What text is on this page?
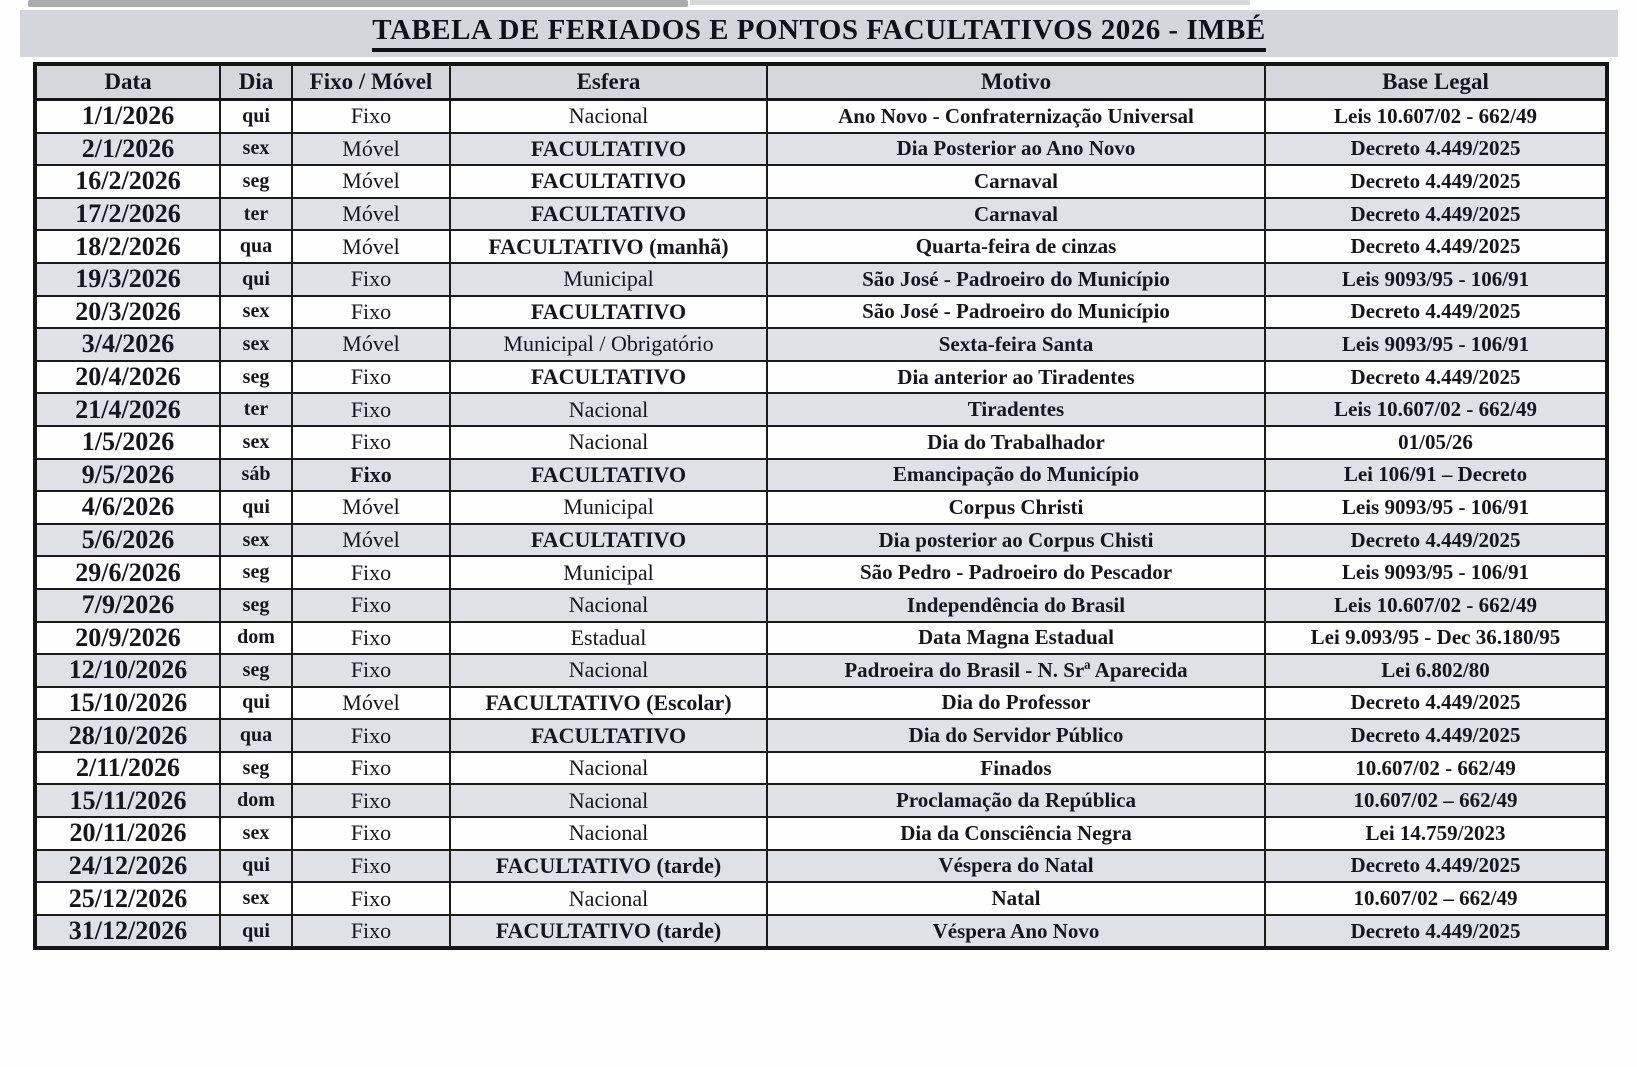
TABELA DE FERIADOS E PONTOS FACULTATIVOS 2026 - IMBÉ
Data	Dia	Fixo / Móvel	Esfera	Motivo	Base Legal
1/1/2026	qui	Fixo	Nacional	Ano Novo - Confraternização Universal	Leis 10.607/02 - 662/49
2/1/2026	sex	Móvel	FACULTATIVO	Dia Posterior ao Ano Novo	Decreto 4.449/2025
16/2/2026	seg	Móvel	FACULTATIVO	Carnaval	Decreto 4.449/2025
17/2/2026	ter	Móvel	FACULTATIVO	Carnaval	Decreto 4.449/2025
18/2/2026	qua	Móvel	FACULTATIVO (manhã)	Quarta-feira de cinzas	Decreto 4.449/2025
19/3/2026	qui	Fixo	Municipal	São José - Padroeiro do Município	Leis 9093/95 - 106/91
20/3/2026	sex	Fixo	FACULTATIVO	São José - Padroeiro do Município	Decreto 4.449/2025
3/4/2026	sex	Móvel	Municipal / Obrigatório	Sexta-feira Santa	Leis 9093/95 - 106/91
20/4/2026	seg	Fixo	FACULTATIVO	Dia anterior ao Tiradentes	Decreto 4.449/2025
21/4/2026	ter	Fixo	Nacional	Tiradentes	Leis 10.607/02 - 662/49
1/5/2026	sex	Fixo	Nacional	Dia do Trabalhador	01/05/26
9/5/2026	sáb	Fixo	FACULTATIVO	Emancipação do Município	Lei 106/91 – Decreto
4/6/2026	qui	Móvel	Municipal	Corpus Christi	Leis 9093/95 - 106/91
5/6/2026	sex	Móvel	FACULTATIVO	Dia posterior ao Corpus Chisti	Decreto 4.449/2025
29/6/2026	seg	Fixo	Municipal	São Pedro - Padroeiro do Pescador	Leis 9093/95 - 106/91
7/9/2026	seg	Fixo	Nacional	Independência do Brasil	Leis 10.607/02 - 662/49
20/9/2026	dom	Fixo	Estadual	Data Magna Estadual	Lei 9.093/95 - Dec 36.180/95
12/10/2026	seg	Fixo	Nacional	Padroeira do Brasil - N. Srª Aparecida	Lei 6.802/80
15/10/2026	qui	Móvel	FACULTATIVO (Escolar)	Dia do Professor	Decreto 4.449/2025
28/10/2026	qua	Fixo	FACULTATIVO	Dia do Servidor Público	Decreto 4.449/2025
2/11/2026	seg	Fixo	Nacional	Finados	10.607/02 - 662/49
15/11/2026	dom	Fixo	Nacional	Proclamação da República	10.607/02 – 662/49
20/11/2026	sex	Fixo	Nacional	Dia da Consciência Negra	Lei 14.759/2023
24/12/2026	qui	Fixo	FACULTATIVO (tarde)	Véspera do Natal	Decreto 4.449/2025
25/12/2026	sex	Fixo	Nacional	Natal	10.607/02 – 662/49
31/12/2026	qui	Fixo	FACULTATIVO (tarde)	Véspera Ano Novo	Decreto 4.449/2025
